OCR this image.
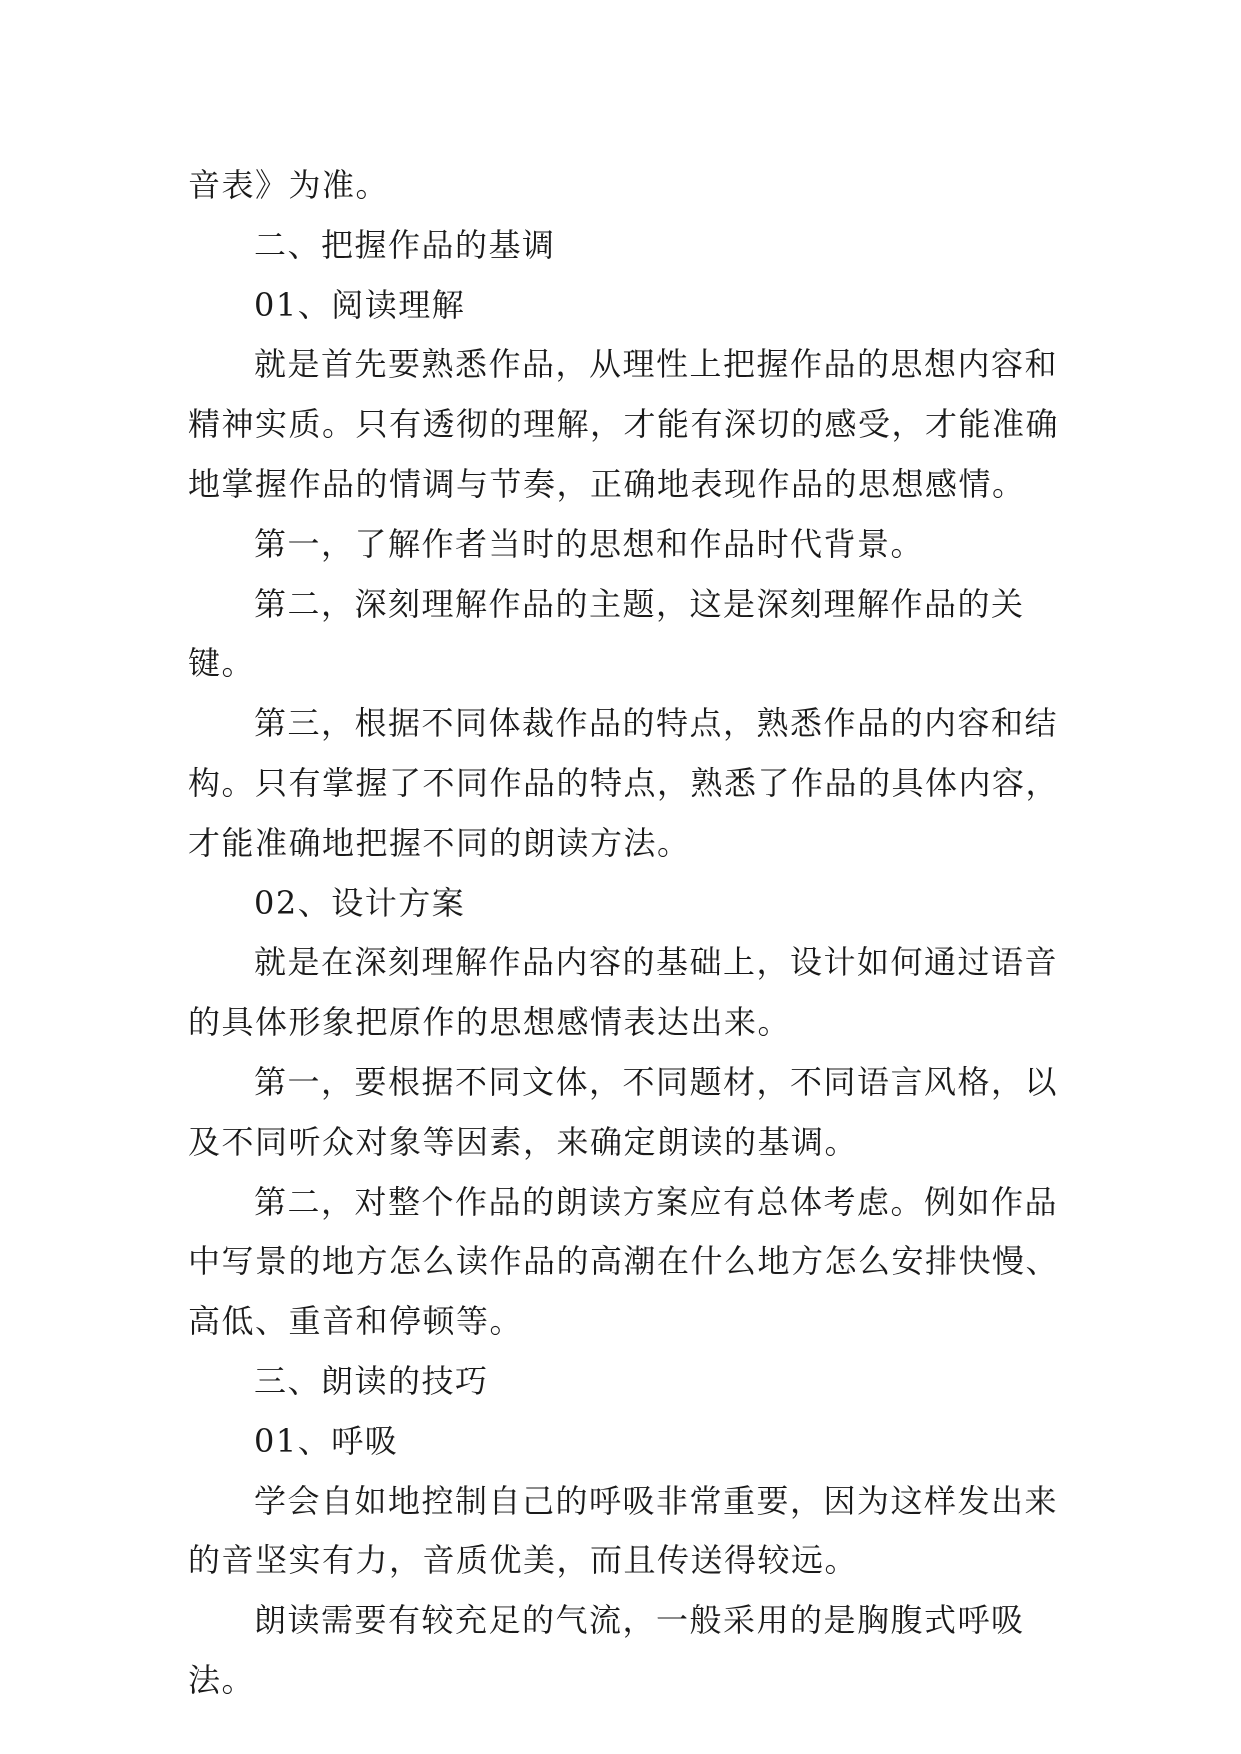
音表》为准。

二、把握作品的基调

01、阅读理解

就是首先要熟悉作品，从理性上把握作品的思想内容和精神实质。只有透彻的理解，才能有深切的感受，才能准确地掌握作品的情调与节奏，正确地表现作品的思想感情。

第一，了解作者当时的思想和作品时代背景。

第二，深刻理解作品的主题，这是深刻理解作品的关键。

第三，根据不同体裁作品的特点，熟悉作品的内容和结构。只有掌握了不同作品的特点，熟悉了作品的具体内容，才能准确地把握不同的朗读方法。

02、设计方案

就是在深刻理解作品内容的基础上，设计如何通过语音的具体形象把原作的思想感情表达出来。

第一，要根据不同文体，不同题材，不同语言风格，以及不同听众对象等因素，来确定朗读的基调。

第二，对整个作品的朗读方案应有总体考虑。例如作品中写景的地方怎么读作品的高潮在什么地方怎么安排快慢、高低、重音和停顿等。

三、朗读的技巧

01、呼吸

学会自如地控制自己的呼吸非常重要，因为这样发出来的音坚实有力，音质优美，而且传送得较远。

朗读需要有较充足的气流，一般采用的是胸腹式呼吸法。
